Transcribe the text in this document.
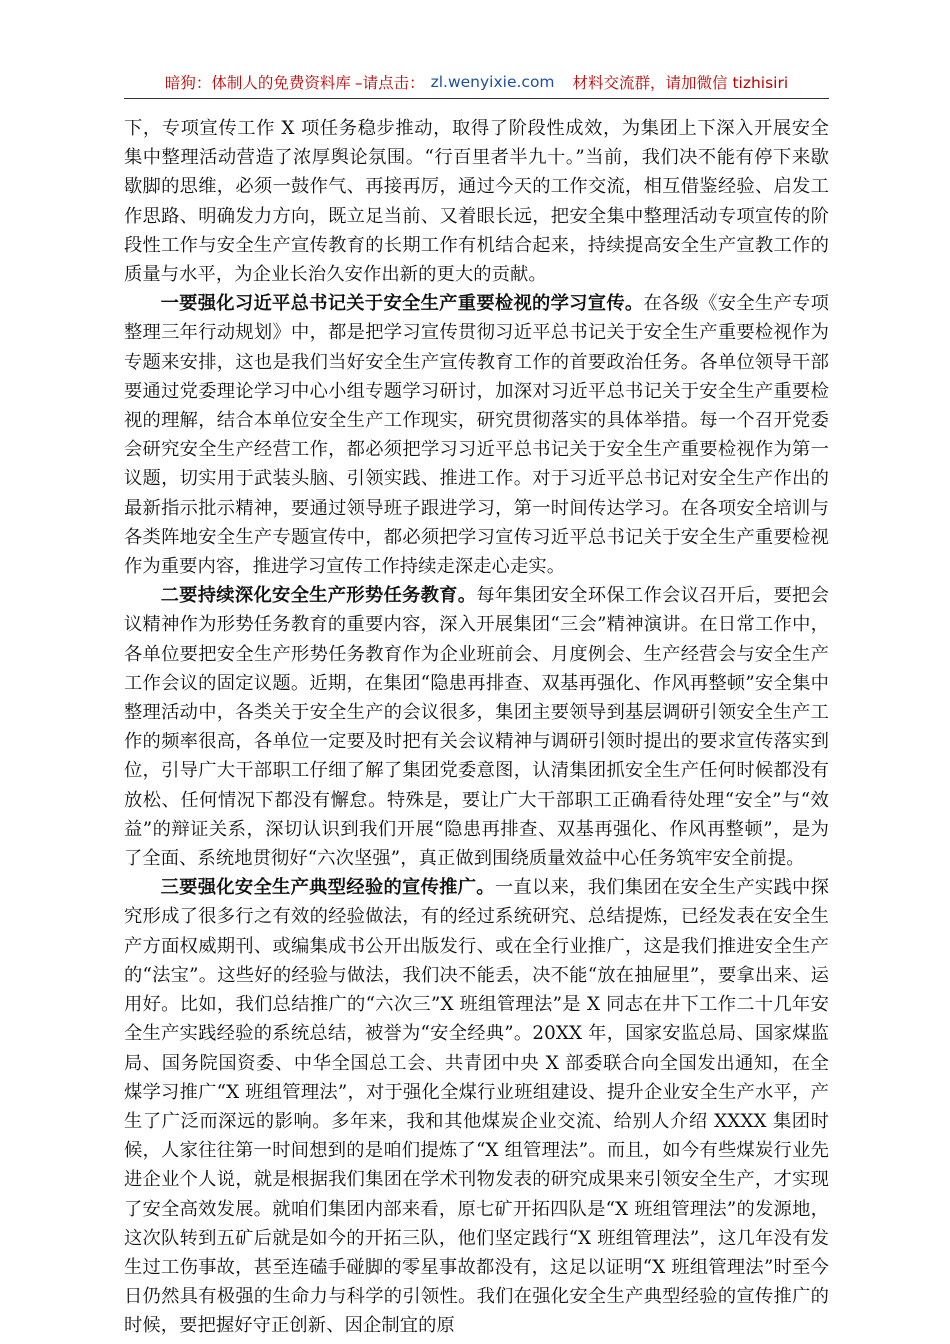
暗狗：体制人的免费资料库 –请点击： zl.wenyixie.com 材料交流群，请加微信 tizhisiri

下，专项宣传工作 X 项任务稳步推动，取得了阶段性成效，为集团上下深入开展安全集中整理活动营造了浓厚舆论氛围。“行百里者半九十。”当前，我们决不能有停下来歇歇脚的思维，必须一鼓作气、再接再厉，通过今天的工作交流，相互借鉴经验、启发工作思路、明确发力方向，既立足当前、又着眼长远，把安全集中整理活动专项宣传的阶段性工作与安全生产宣传教育的长期工作有机结合起来，持续提高安全生产宣教工作的质量与水平，为企业长治久安作出新的更大的贡献。

一要强化习近平总书记关于安全生产重要检视的学习宣传。在各级《安全生产专项整理三年行动规划》中，都是把学习宣传贯彻习近平总书记关于安全生产重要检视作为专题来安排，这也是我们当好安全生产宣传教育工作的首要政治任务。各单位领导干部要通过党委理论学习中心小组专题学习研讨，加深对习近平总书记关于安全生产重要检视的理解，结合本单位安全生产工作现实，研究贯彻落实的具体举措。每一个召开党委会研究安全生产经营工作，都必须把学习习近平总书记关于安全生产重要检视作为第一议题，切实用于武装头脑、引领实践、推进工作。对于习近平总书记对安全生产作出的最新指示批示精神，要通过领导班子跟进学习，第一时间传达学习。在各项安全培训与各类阵地安全生产专题宣传中，都必须把学习宣传习近平总书记关于安全生产重要检视作为重要内容，推进学习宣传工作持续走深走心走实。

二要持续深化安全生产形势任务教育。每年集团安全环保工作会议召开后，要把会议精神作为形势任务教育的重要内容，深入开展集团“三会”精神演讲。在日常工作中，各单位要把安全生产形势任务教育作为企业班前会、月度例会、生产经营会与安全生产工作会议的固定议题。近期，在集团“隐患再排查、双基再强化、作风再整顿”安全集中整理活动中，各类关于安全生产的会议很多，集团主要领导到基层调研引领安全生产工作的频率很高，各单位一定要及时把有关会议精神与调研引领时提出的要求宣传落实到位，引导广大干部职工仔细了解了集团党委意图，认清集团抓安全生产任何时候都没有放松、任何情况下都没有懈怠。特殊是，要让广大干部职工正确看待处理“安全”与“效益”的辩证关系，深切认识到我们开展“隐患再排查、双基再强化、作风再整顿”，是为了全面、系统地贯彻好“六次坚强”，真正做到围绕质量效益中心任务筑牢安全前提。

三要强化安全生产典型经验的宣传推广。一直以来，我们集团在安全生产实践中探究形成了很多行之有效的经验做法，有的经过系统研究、总结提炼，已经发表在安全生产方面权威期刊、或编集成书公开出版发行、或在全行业推广，这是我们推进安全生产的“法宝”。这些好的经验与做法，我们决不能丢，决不能“放在抽屉里”，要拿出来、运用好。比如，我们总结推广的“六次三”X 班组管理法”是 X 同志在井下工作二十几年安全生产实践经验的系统总结，被誉为“安全经典”。20XX 年，国家安监总局、国家煤监局、国务院国资委、中华全国总工会、共青团中央 X 部委联合向全国发出通知，在全煤学习推广“X 班组管理法”，对于强化全煤行业班组建设、提升企业安全生产水平，产生了广泛而深远的影响。多年来，我和其他煤炭企业交流、给别人介绍 XXXX 集团时候，人家往往第一时间想到的是咱们提炼了“X 组管理法”。而且，如今有些煤炭行业先进企业个人说，就是根据我们集团在学术刊物发表的研究成果来引领安全生产，才实现了安全高效发展。就咱们集团内部来看，原七矿开拓四队是“X 班组管理法”的发源地，这次队转到五矿后就是如今的开拓三队，他们坚定践行“X 班组管理法”，这几年没有发生过工伤事故，甚至连磕手碰脚的零星事故都没有，这足以证明“X 班组管理法”时至今日仍然具有极强的生命力与科学的引领性。我们在强化安全生产典型经验的宣传推广的时候，要把握好守正创新、因企制宜的原
